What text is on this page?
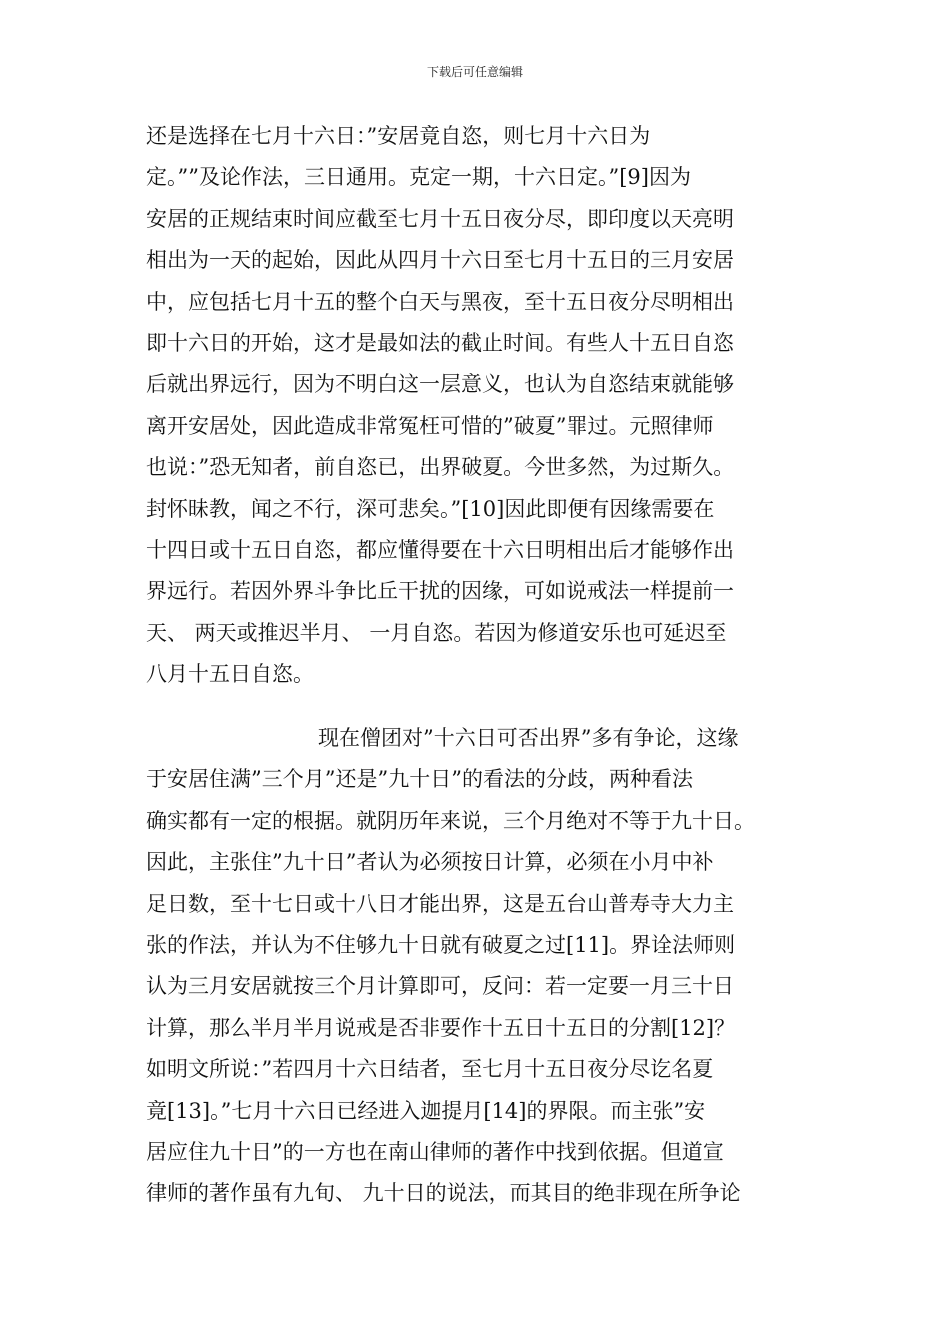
下载后可任意编辑
还是选择在七月十六日：”安居竟自恣，则七月十六日为
定。””及论作法，三日通用。克定一期，十六日定。”[9]因为
安居的正规结束时间应截至七月十五日夜分尽，即印度以天亮明
相出为一天的起始，因此从四月十六日至七月十五日的三月安居
中，应包括七月十五的整个白天与黑夜，至十五日夜分尽明相出
即十六日的开始，这才是最如法的截止时间。有些人十五日自恣
后就出界远行，因为不明白这一层意义，也认为自恣结束就能够
离开安居处，因此造成非常冤枉可惜的”破夏”罪过。元照律师
也说：”恐无知者，前自恣已，出界破夏。今世多然，为过斯久。
封怀昧教，闻之不行，深可悲矣。”[10]因此即便有因缘需要在
十四日或十五日自恣，都应懂得要在十六日明相出后才能够作出
界远行。若因外界斗争比丘干扰的因缘，可如说戒法一样提前一
天、 两天或推迟半月、 一月自恣。若因为修道安乐也可延迟至
八月十五日自恣。
现在僧团对”十六日可否出界”多有争论，这缘
于安居住满”三个月”还是”九十日”的看法的分歧，两种看法
确实都有一定的根据。就阴历年来说，三个月绝对不等于九十日。
因此，主张住”九十日”者认为必须按日计算，必须在小月中补
足日数，至十七日或十八日才能出界，这是五台山普寿寺大力主
张的作法，并认为不住够九十日就有破夏之过[11]。界诠法师则
认为三月安居就按三个月计算即可，反问：若一定要一月三十日
计算，那么半月半月说戒是否非要作十五日十五日的分割[12]？
如明文所说：”若四月十六日结者，至七月十五日夜分尽讫名夏
竟[13]。”七月十六日已经进入迦提月[14]的界限。而主张”安
居应住九十日”的一方也在南山律师的著作中找到依据。但道宣
律师的著作虽有九旬、 九十日的说法，而其目的绝非现在所争论
